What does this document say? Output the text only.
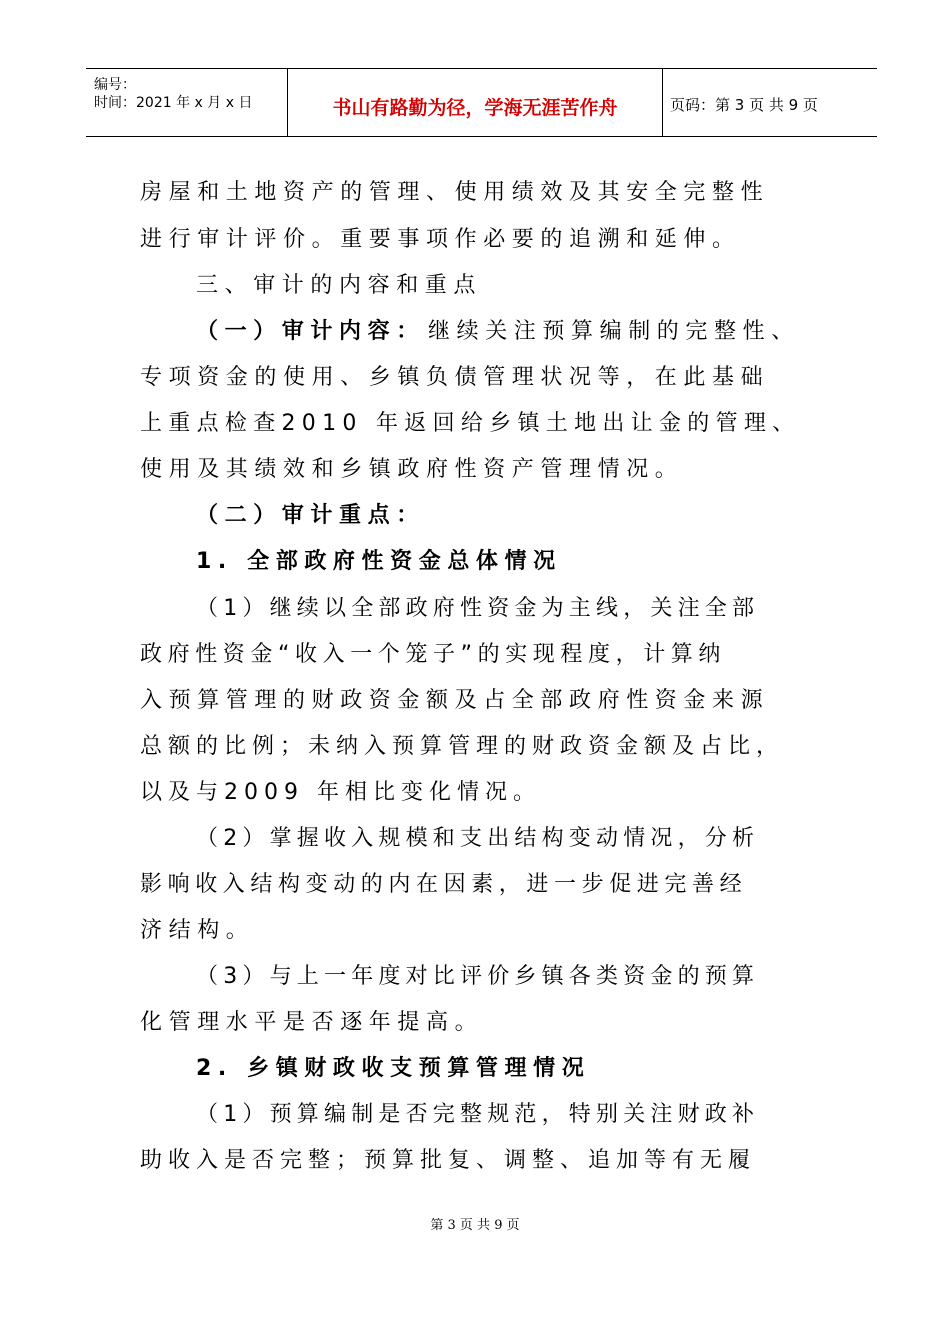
编号：
时间：2021 年 x 月 x 日	书山有路勤为径，学海无涯苦作舟	页码：第 3 页 共 9 页
房屋和土地资产的管理、使用绩效及其安全完整性
进行审计评价。重要事项作必要的追溯和延伸。
三、审计的内容和重点
（一）审计内容： 继续关注预算编制的完整性、
专项资金的使用、乡镇负债管理状况等，在此基础
上重点检查2010 年返回给乡镇土地出让金的管理、
使用及其绩效和乡镇政府性资产管理情况。
（二）审计重点：
1. 全部政府性资金总体情况
（1）继续以全部政府性资金为主线，关注全部
政府性资金“收入一个笼子”的实现程度，计算纳
入预算管理的财政资金额及占全部政府性资金来源
总额的比例；未纳入预算管理的财政资金额及占比，
以及与2009 年相比变化情况。
（2）掌握收入规模和支出结构变动情况，分析
影响收入结构变动的内在因素，进一步促进完善经
济结构。
（3）与上一年度对比评价乡镇各类资金的预算
化管理水平是否逐年提高。
2. 乡镇财政收支预算管理情况
（1）预算编制是否完整规范，特别关注财政补
助收入是否完整；预算批复、调整、追加等有无履
第 3 页 共 9 页
